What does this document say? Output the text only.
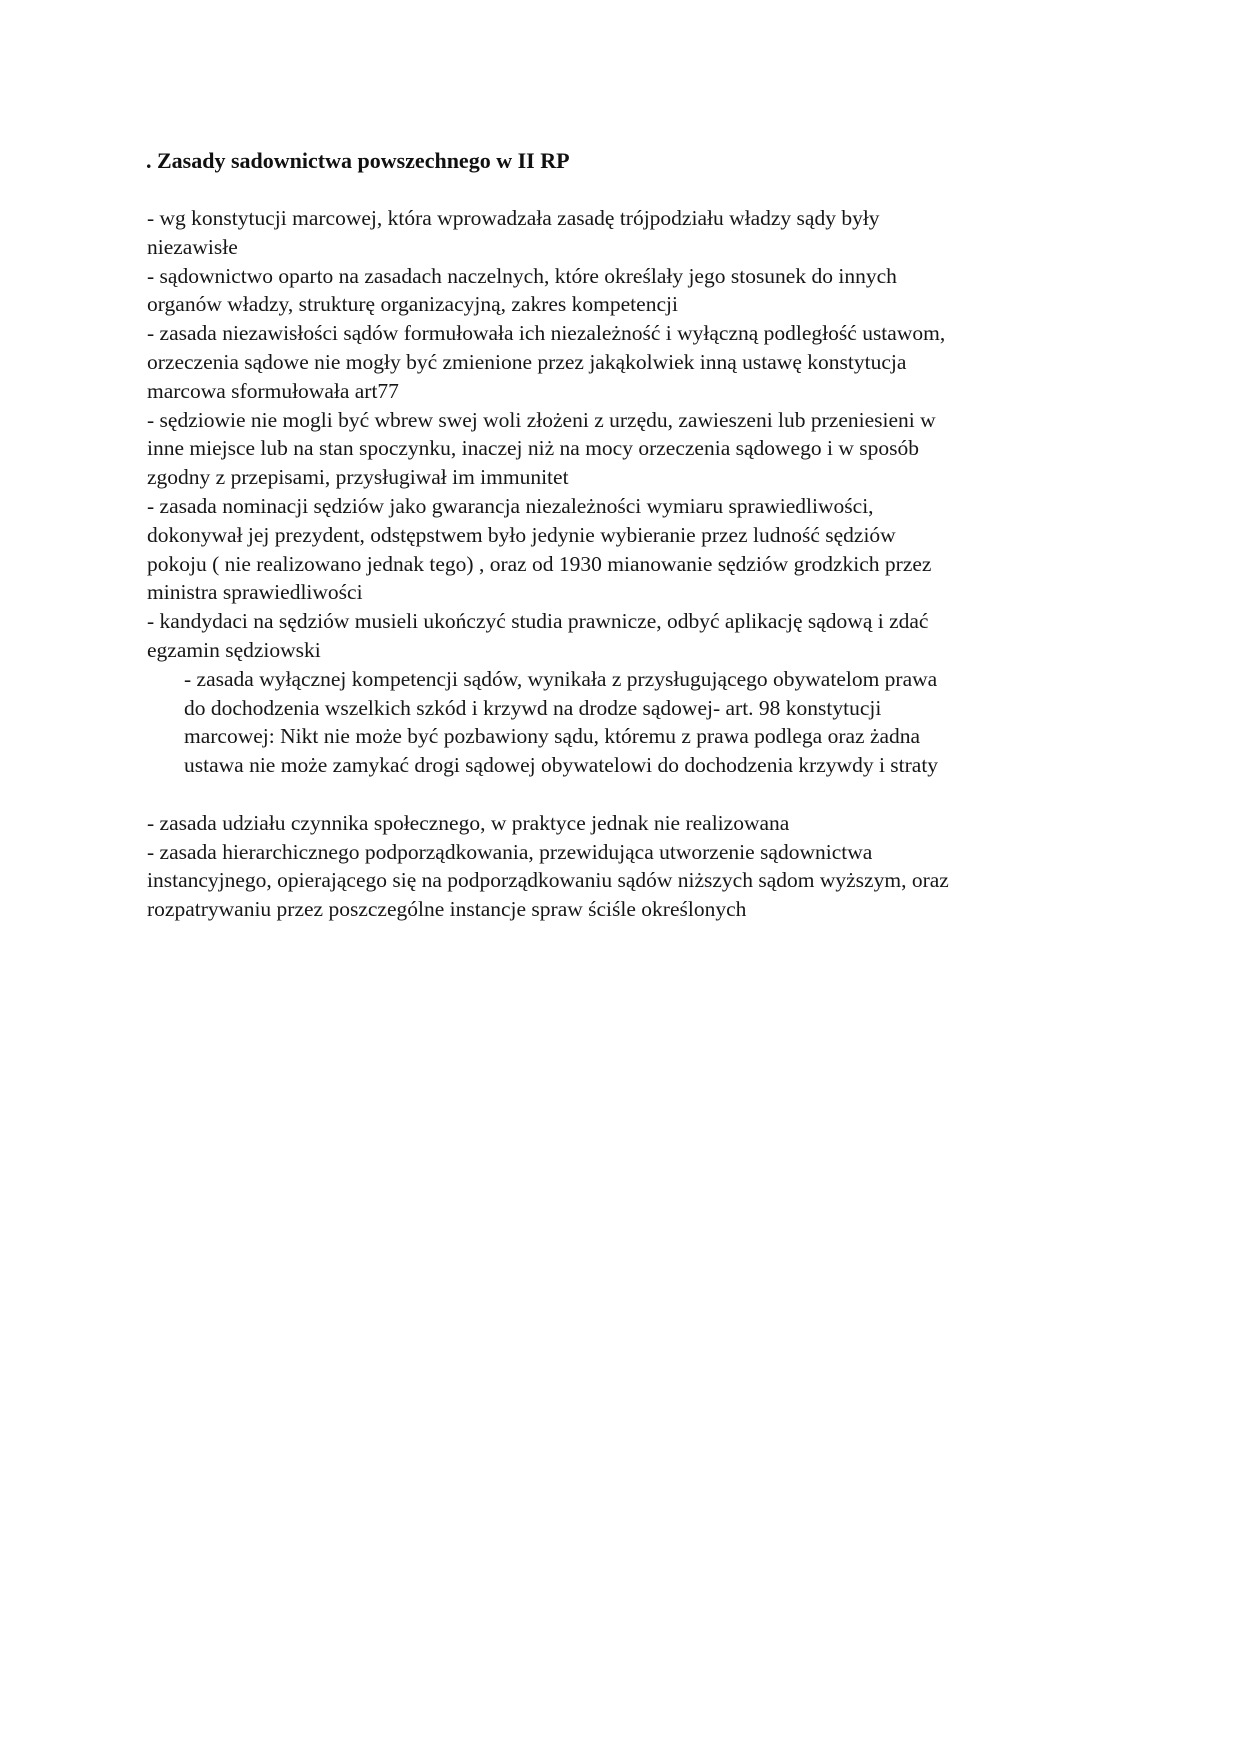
. Zasady sadownictwa powszechnego w II RP
- wg konstytucji marcowej, która wprowadzała zasadę trójpodziału władzy sądy były
niezawisłe
- sądownictwo oparto na zasadach naczelnych, które określały jego stosunek do innych
organów władzy, strukturę organizacyjną, zakres kompetencji
- zasada niezawisłości sądów formułowała ich niezależność i wyłączną podległość ustawom,
orzeczenia sądowe nie mogły być zmienione przez jakąkolwiek inną ustawę konstytucja
marcowa sformułowała art77
- sędziowie nie mogli być wbrew swej woli złożeni z urzędu, zawieszeni lub przeniesieni w
inne miejsce lub na stan spoczynku, inaczej niż na mocy orzeczenia sądowego i w sposób
zgodny z przepisami, przysługiwał im immunitet
- zasada nominacji sędziów jako gwarancja niezależności wymiaru sprawiedliwości,
dokonywał jej prezydent, odstępstwem było jedynie wybieranie przez ludność sędziów
pokoju ( nie realizowano jednak tego) , oraz od 1930 mianowanie sędziów grodzkich przez
ministra sprawiedliwości
- kandydaci na sędziów musieli ukończyć studia prawnicze, odbyć aplikację sądową i zdać
egzamin sędziowski
- zasada wyłącznej kompetencji sądów, wynikała z przysługującego obywatelom prawa
do dochodzenia wszelkich szkód i krzywd na drodze sądowej- art. 98 konstytucji
marcowej: Nikt nie może być pozbawiony sądu, któremu z prawa podlega oraz żadna
ustawa nie może zamykać drogi sądowej obywatelowi do dochodzenia krzywdy i straty
- zasada udziału czynnika społecznego, w praktyce jednak nie realizowana
- zasada hierarchicznego podporządkowania, przewidująca utworzenie sądownictwa
instancyjnego, opierającego się na podporządkowaniu sądów niższych sądom wyższym, oraz
rozpatrywaniu przez poszczególne instancje spraw ściśle określonych
